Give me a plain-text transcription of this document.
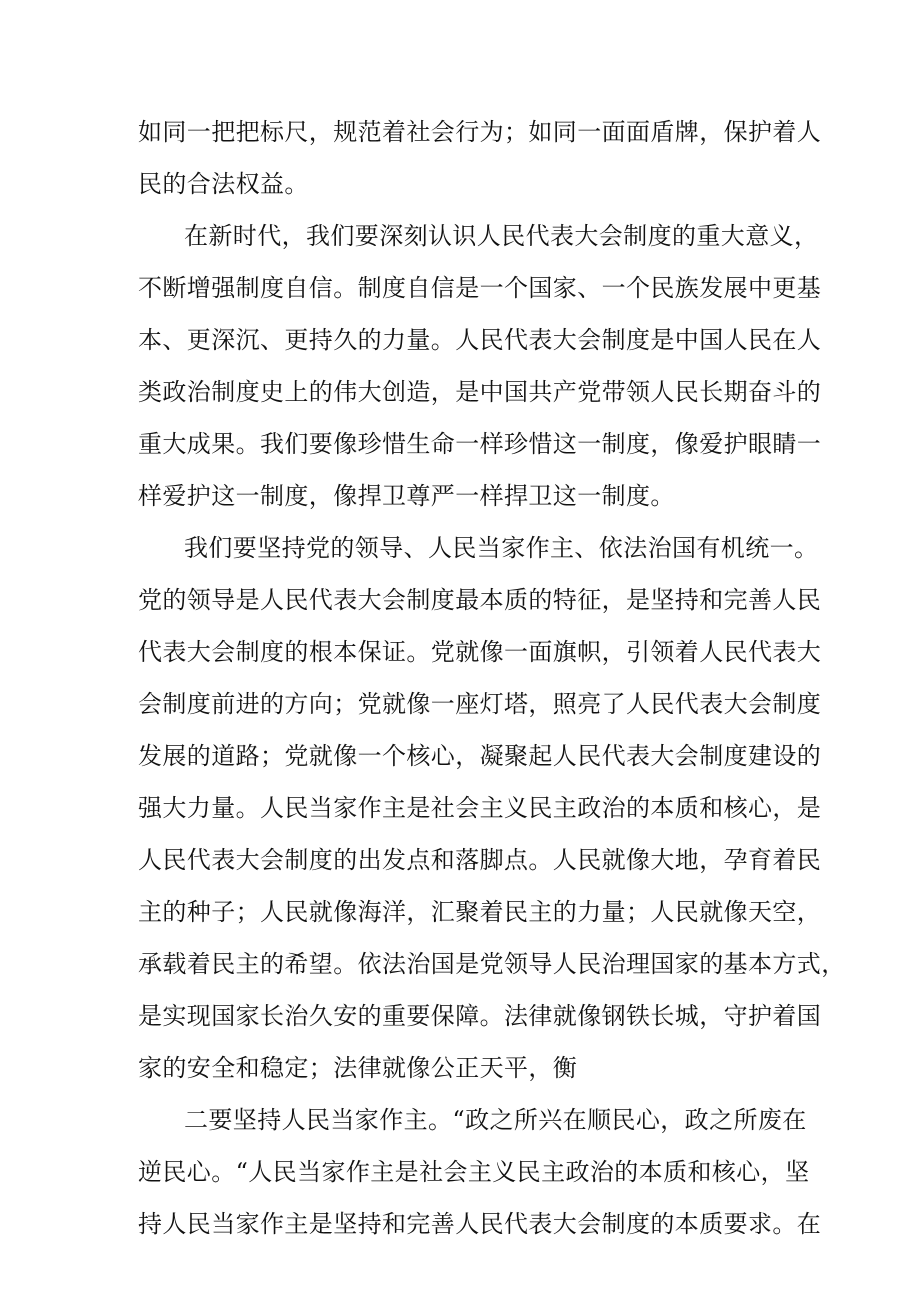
如同一把把标尺，规范着社会行为；如同一面面盾牌，保护着人
民的合法权益。
在新时代，我们要深刻认识人民代表大会制度的重大意义，
不断增强制度自信。制度自信是一个国家、一个民族发展中更基
本、更深沉、更持久的力量。人民代表大会制度是中国人民在人
类政治制度史上的伟大创造，是中国共产党带领人民长期奋斗的
重大成果。我们要像珍惜生命一样珍惜这一制度，像爱护眼睛一
样爱护这一制度，像捍卫尊严一样捍卫这一制度。
我们要坚持党的领导、人民当家作主、依法治国有机统一。
党的领导是人民代表大会制度最本质的特征，是坚持和完善人民
代表大会制度的根本保证。党就像一面旗帜，引领着人民代表大
会制度前进的方向；党就像一座灯塔，照亮了人民代表大会制度
发展的道路；党就像一个核心，凝聚起人民代表大会制度建设的
强大力量。人民当家作主是社会主义民主政治的本质和核心，是
人民代表大会制度的出发点和落脚点。人民就像大地，孕育着民
主的种子；人民就像海洋，汇聚着民主的力量；人民就像天空，
承载着民主的希望。依法治国是党领导人民治理国家的基本方式，
是实现国家长治久安的重要保障。法律就像钢铁长城，守护着国
家的安全和稳定；法律就像公正天平，衡
二要坚持人民当家作主。“政之所兴在顺民心，政之所废在
逆民心。“人民当家作主是社会主义民主政治的本质和核心，坚
持人民当家作主是坚持和完善人民代表大会制度的本质要求。在
